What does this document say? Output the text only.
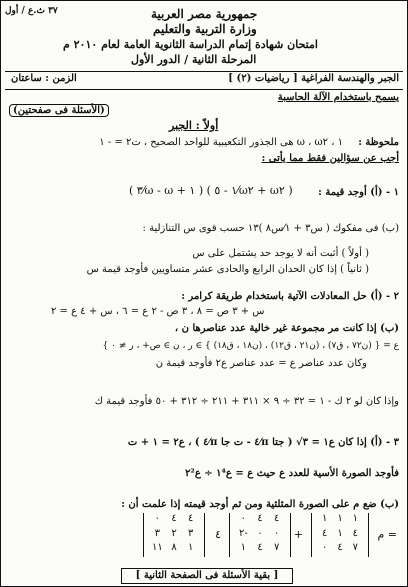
٣٧ ث.ع / أول	جمهورية مصر العربية
وزارة التربية والتعليم
امتحان شهادة إتمام الدراسة الثانوية العامة لعام ٢٠١٠ م
المرحلة الثانية / الدور الأول
الجبر والهندسة الفراغية [ رياضيات (٢) ]
الزمن : ساعتان
يسمح باستخدام الآلة الحاسبة
(الأسئلة فى صفحتين)
أولاً : الجبر
ملحوظة :
١ ، ω ، ω٢ هى الجذور التكعيبية للواحد الصحيح ، ت٢ = - ١
أجب عن سؤالين فقط مما يأتى :
١ - (أ) أوجد قيمة :
( ٣⁄ω - ω + ١ ) ( ١ - ٥⁄ω٢ + ω٢ )
(ب) فى مفكوك ( س٣ + ١⁄س٨ )١٣ حسب قوى س التنازلية :
( أولاً ) أثبت أنه لا يوجد حد يشتمل على س
( ثانياً ) إذا كان الحدان الرابع والحادى عشر متساويين فأوجد قيمة س
٢ - (أ) حل المعادلات الآتية باستخدام طريقة كرامر :
س + ٣ ص = ٨ ، ٣ ص - ٢ ع = ٦ ، س + ٤ ع = ٢
(ب) إذا كانت مر مجموعة غير خالية عدد عناصرها ن ،
ع = { (ن٧٢ ، ق٧) ، (ن٢١ ، ق١٢) ، (ن١٨ ، ق١٨) } ∋ ر ، ن ∋ ص+ ، ر ≠ ٠ }
وكان عدد عناصر ع = عدد عناصر ع٢ فأوجد قيمة ن
وإذا كان لو ٢ ك - ١ = ٣٢ ÷ ٩ × ٣١١ + ٢١١ ÷ ٣١٢ + ٥٠ فأوجد قيمة ك
٣ - (أ) إذا كان ع١ = ٣√ ( جتا π⁄٤ - ت جا π⁄٤ ) ، ع٢ = ١ + ت
فأوجد الصورة الأسية للعدد ع حيث ع = ع١⁴ ÷ ع٢²
(ب) ضع م على الصورة المثلثية ومن ثم أوجد قيمته إذا علمت أن :
= م
١
١
١
٤
١
٤
٧
٤
٠
+
٤
٤
٠
٠
٠
-٢
٧
٤
١
٤
٤
٤
٠
٣
٢
٣
١
٨
١١
[ بقية الأسئلة فى الصفحة الثانية ]
